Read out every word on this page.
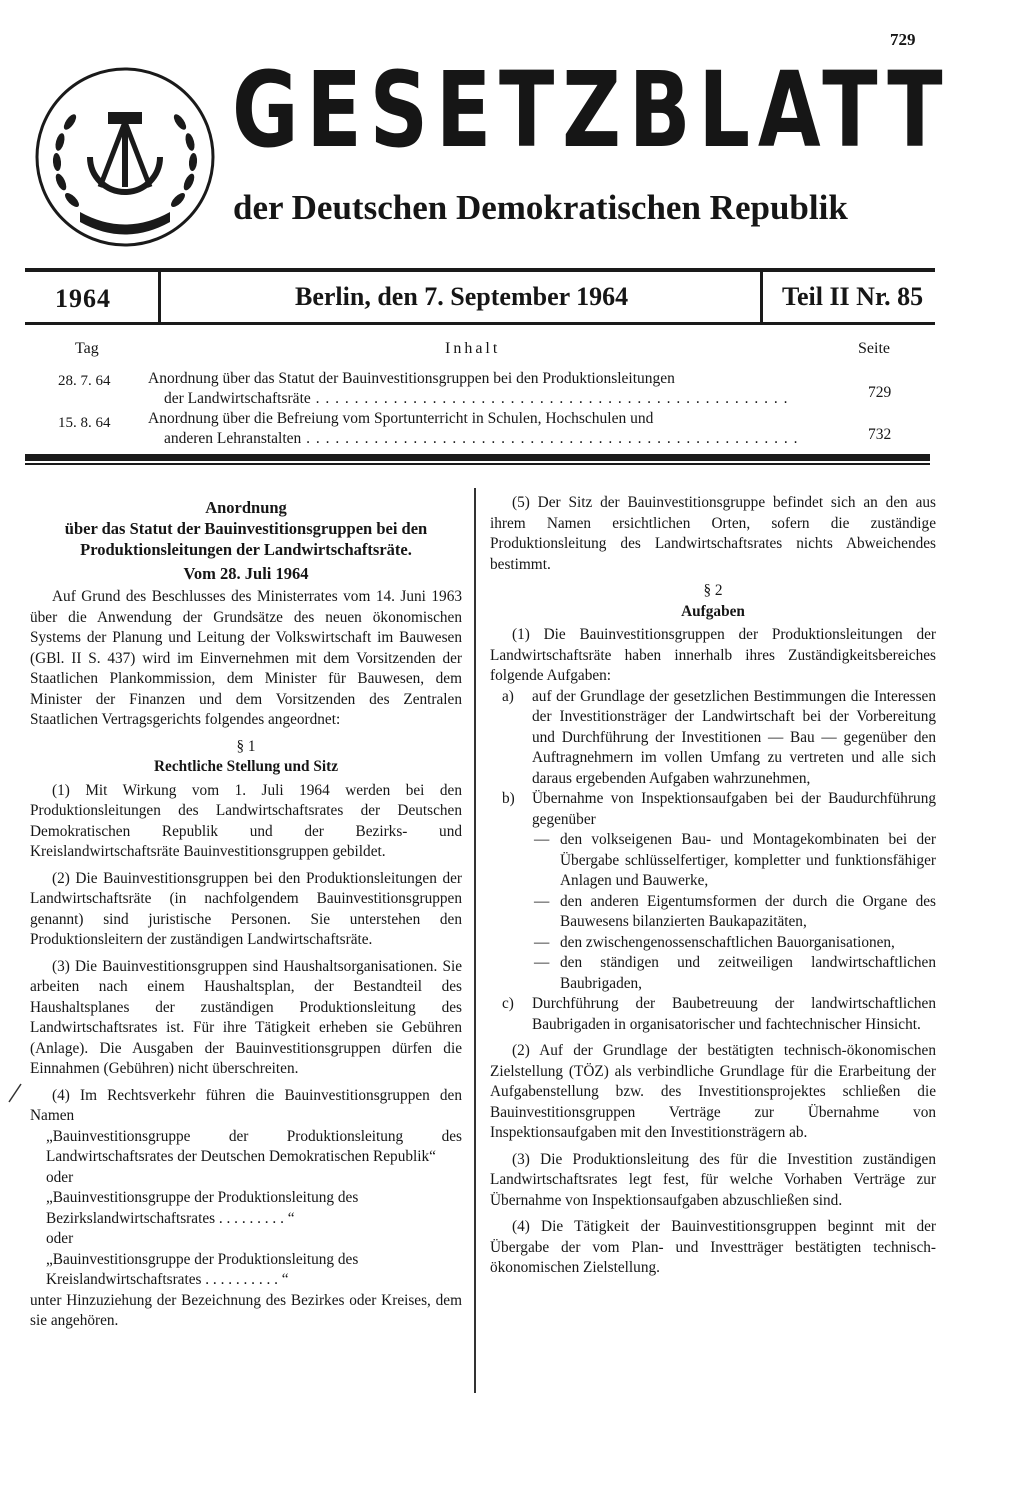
729
GESETZBLATT
der Deutschen Demokratischen Republik
1964	Berlin, den 7. September 1964	Teil II Nr. 85
Tag	Inhalt	Seite
28. 7. 64 Anordnung über das Statut der Bauinvestitionsgruppen bei den Produktionsleitungen
der Landwirtschaftsräte . . . . . . . . . . . . . . . . . . . . . . . . . . . . . . . . . . . . . . . . . . . . . . . . .	729
15. 8. 64 Anordnung über die Befreiung vom Sportunterricht in Schulen, Hochschulen und
anderen Lehranstalten . . . . . . . . . . . . . . . . . . . . . . . . . . . . . . . . . . . . . . . . . . . . . . . . . . .	732

Anordnung

über das Statut der Bauinvestitionsgruppen bei den

Produktionsleitungen der Landwirtschaftsräte.

Vom 28. Juli 1964

Auf Grund des Beschlusses des Ministerrates vom 14. Juni 1963 über die Anwendung der Grundsätze des neuen ökonomischen Systems der Planung und Leitung der Volkswirtschaft im Bauwesen (GBl. II S. 437) wird im Einvernehmen mit dem Vorsitzenden der Staatlichen Plankommission, dem Minister für Bauwesen, dem Minister der Finanzen und dem Vorsitzenden des Zentralen Staatlichen Vertragsgerichts folgendes angeordnet:

§ 1

Rechtliche Stellung und Sitz

(1) Mit Wirkung vom 1. Juli 1964 werden bei den Produktionsleitungen des Landwirtschaftsrates der Deutschen Demokratischen Republik und der Bezirks- und Kreislandwirtschaftsräte Bauinvestitionsgruppen gebildet.

(2) Die Bauinvestitionsgruppen bei den Produktionsleitungen der Landwirtschaftsräte (in nachfolgendem Bauinvestitionsgruppen genannt) sind juristische Personen. Sie unterstehen den Produktionsleitern der zuständigen Landwirtschaftsräte.

(3) Die Bauinvestitionsgruppen sind Haushaltsorganisationen. Sie arbeiten nach einem Haushaltsplan, der Bestandteil des Haushaltsplanes der zuständigen Produktionsleitung des Landwirtschaftsrates ist. Für ihre Tätigkeit erheben sie Gebühren (Anlage). Die Ausgaben der Bauinvestitionsgruppen dürfen die Einnahmen (Gebühren) nicht überschreiten.

(4) Im Rechtsverkehr führen die Bauinvestitionsgruppen den Namen

„Bauinvestitionsgruppe der Produktionsleitung des Landwirtschaftsrates der Deutschen Demokratischen Republik“

oder

„Bauinvestitionsgruppe der Produktionsleitung des

Bezirkslandwirtschaftsrates . . . . . . . . . “

oder

„Bauinvestitionsgruppe der Produktionsleitung des

Kreislandwirtschaftsrates . . . . . . . . . . “

unter Hinzuziehung der Bezeichnung des Bezirkes oder Kreises, dem sie angehören.

(5) Der Sitz der Bauinvestitionsgruppe befindet sich an den aus ihrem Namen ersichtlichen Orten, sofern die zuständige Produktionsleitung des Landwirtschaftsrates nichts Abweichendes bestimmt.

§ 2

Aufgaben

(1) Die Bauinvestitionsgruppen der Produktionsleitungen der Landwirtschaftsräte haben innerhalb ihres Zuständigkeitsbereiches folgende Aufgaben:

a)	auf der Grundlage der gesetzlichen Bestimmungen die Interessen der Investitionsträger der Landwirtschaft bei der Vorbereitung und Durchführung der Investitionen — Bau — gegenüber den Auftragnehmern im vollen Umfang zu vertreten und alle sich daraus ergebenden Aufgaben wahrzunehmen,
b)	Übernahme von Inspektionsaufgaben bei der Baudurchführung gegenüber
— den volkseigenen Bau- und Montagekombinaten bei der Übergabe schlüsselfertiger, kompletter und funktionsfähiger Anlagen und Bauwerke,
— den anderen Eigentumsformen der durch die Organe des Bauwesens bilanzierten Baukapazitäten,
— den zwischengenossenschaftlichen Bauorganisationen,
— den ständigen und zeitweiligen landwirtschaftlichen Baubrigaden,
c)	Durchführung der Baubetreuung der landwirtschaftlichen Baubrigaden in organisatorischer und fachtechnischer Hinsicht.

(2) Auf der Grundlage der bestätigten technisch-ökonomischen Zielstellung (TÖZ) als verbindliche Grundlage für die Erarbeitung der Aufgabenstellung bzw. des Investitionsprojektes schließen die Bauinvestitionsgruppen Verträge zur Übernahme von Inspektionsaufgaben mit den Investitionsträgern ab.

(3) Die Produktionsleitung des für die Investition zuständigen Landwirtschaftsrates legt fest, für welche Vorhaben Verträge zur Übernahme von Inspektionsaufgaben abzuschließen sind.

(4) Die Tätigkeit der Bauinvestitionsgruppen beginnt mit der Übergabe der vom Plan- und Investträger bestätigten technisch-ökonomischen Zielstellung.
